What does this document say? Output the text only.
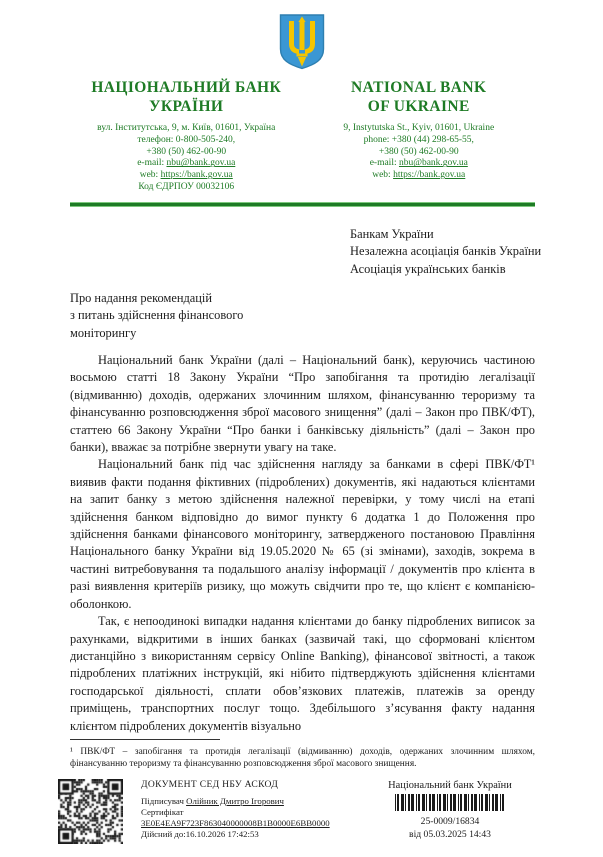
НАЦІОНАЛЬНИЙ БАНК
УКРАЇНИ
вул. Інститутська, 9, м. Київ, 01601, Україна
телефон: 0-800-505-240,
+380 (50) 462-00-90
e-mail: nbu@bank.gov.ua
web: https://bank.gov.ua
Код ЄДРПОУ 00032106
NATIONAL BANK
OF UKRAINE
9, Instytutska St., Kyiv, 01601, Ukraine
phone: +380 (44) 298-65-55,
+380 (50) 462-00-90
e-mail: nbu@bank.gov.ua
web: https://bank.gov.ua
Банкам України
Незалежна асоціація банків України
Асоціація українських банків
Про надання рекомендацій
з питань здійснення фінансового
моніторингу

Національний банк України (далі – Національний банк), керуючись частиною восьмою статті 18 Закону України “Про запобігання та протидію легалізації (відмиванню) доходів, одержаних злочинним шляхом, фінансуванню тероризму та фінансуванню розповсюдження зброї масового знищення” (далі – Закон про ПВК/ФТ), статтею 66 Закону України “Про банки і банківську діяльність” (далі – Закон про банки), вважає за потрібне звернути увагу на таке.

Національний банк під час здійснення нагляду за банками в сфері ПВК/ФТ¹ виявив факти подання фіктивних (підроблених) документів, які надаються клієнтами на запит банку з метою здійснення належної перевірки, у тому числі на етапі здійснення банком відповідно до вимог пункту 6 додатка 1 до Положення про здійснення банками фінансового моніторингу, затвердженого постановою Правління Національного банку України від 19.05.2020 № 65 (зі змінами), заходів, зокрема в частині витребовування та подальшого аналізу інформації / документів про клієнта в разі виявлення критеріїв ризику, що можуть свідчити про те, що клієнт є компанією-оболонкою.

Так, є непоодинокі випадки надання клієнтами до банку підроблених виписок за рахунками, відкритими в інших банках (зазвичай такі, що сформовані клієнтом дистанційно з використанням сервісу Online Banking), фінансової звітності, а також підроблених платіжних інструкцій, які нібито підтверджують здійснення клієнтами господарської діяльності, сплати обов’язкових платежів, платежів за оренду приміщень, транспортних послуг тощо. Здебільшого з’ясування факту надання клієнтом підроблених документів візуально

¹ ПВК/ФТ – запобігання та протидія легалізації (відмиванню) доходів, одержаних злочинним шляхом, фінансуванню тероризму та фінансуванню розповсюдження зброї масового знищення.
ДОКУМЕНТ СЕД НБУ АСКОД
Підписувач Олійник Дмитро Ігорович
Сертифікат 3E0E4EA9F723F863040000008B1B0000E6BB0000
Дійсний до:16.10.2026 17:42:53
Національний банк України
25-0009/16834
від 05.03.2025 14:43
